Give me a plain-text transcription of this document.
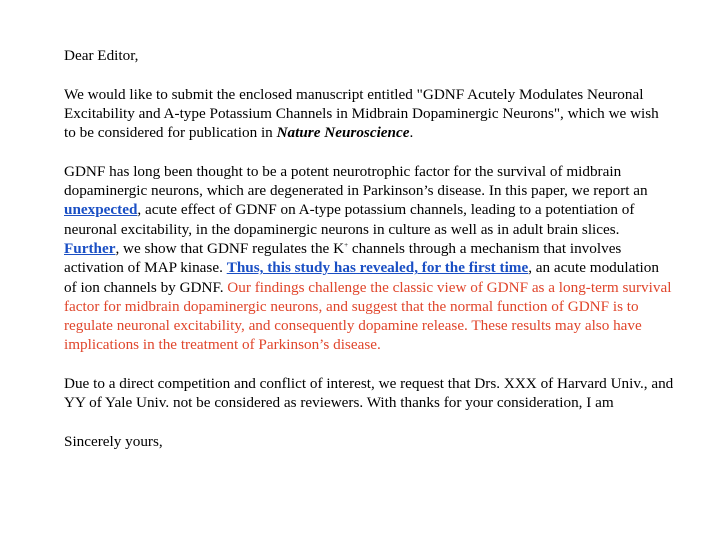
Dear Editor,

We would like to submit the enclosed manuscript entitled "GDNF Acutely Modulates Neuronal Excitability and A-type Potassium Channels in Midbrain Dopaminergic Neurons", which we wish to be considered for publication in Nature Neuroscience.

GDNF has long been thought to be a potent neurotrophic factor for the survival of midbrain dopaminergic neurons, which are degenerated in Parkinson’s disease. In this paper, we report an unexpected, acute effect of GDNF on A-type potassium channels, leading to a potentiation of neuronal excitability, in the dopaminergic neurons in culture as well as in adult brain slices. Further, we show that GDNF regulates the K+ channels through a mechanism that involves activation of MAP kinase. Thus, this study has revealed, for the first time, an acute modulation of ion channels by GDNF. Our findings challenge the classic view of GDNF as a long-term survival factor for midbrain dopaminergic neurons, and suggest that the normal function of GDNF is to regulate neuronal excitability, and consequently dopamine release. These results may also have implications in the treatment of Parkinson’s disease.

Due to a direct competition and conflict of interest, we request that Drs. XXX of Harvard Univ., and YY of Yale Univ. not be considered as reviewers. With thanks for your consideration, I am

Sincerely yours,
